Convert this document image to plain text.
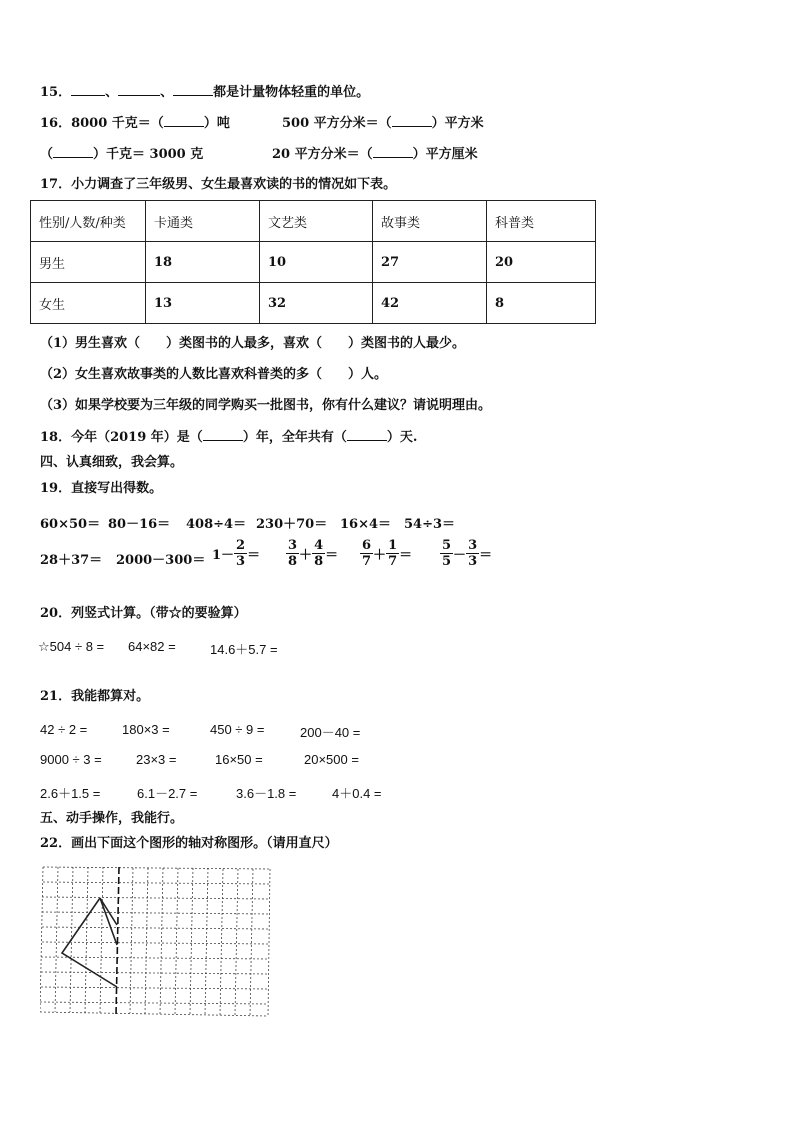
15．	、	、	都是计量物体轻重的单位。
16．8000 千克＝（	）吨	500 平方分米＝（	）平方米
（	）千克＝ 3000 克	20 平方分米＝（	）平方厘米
17．小力调查了三年级男、女生最喜欢读的书的情况如下表。
性别/人数/种类	卡通类	文艺类	故事类	科普类
男生	18	10	27	20
女生	13	32	42	8
（1）男生喜欢（　　）类图书的人最多，喜欢（　　）类图书的人最少。
（2）女生喜欢故事类的人数比喜欢科普类的多（　　）人。
（3）如果学校要为三年级的同学购买一批图书，你有什么建议？请说明理由。
18．今年（2019 年）是（	）年，全年共有（	）天.
四、认真细致，我会算。
19．直接写出得数。
60×50＝ 80－16＝ 408÷4＝ 230＋70＝ 16×4＝ 54÷3＝
$28+37= 2000-300= 1- \frac{2}{3} = \frac{3}{8} + \frac{4}{8} = \frac{6}{7} + \frac{1}{7} = \frac{5}{5} - \frac{3}{3}$ ＝
20．列竖式计算。（带☆的要验算）
☆504 ÷ 8 = 64×82 =	14.6＋5.7 =
21．我能都算对。
42 ÷ 2 =	180×3 =	450 ÷ 9 =	200－40 =
9000 ÷ 3 =	23×3 =	16×50 =	20×500 =
2.6＋1.5 =	6.1－2.7 =	3.6－1.8 =	4＋0.4 =
五、动手操作，我能行。
22．画出下面这个图形的轴对称图形。（请用直尺）
